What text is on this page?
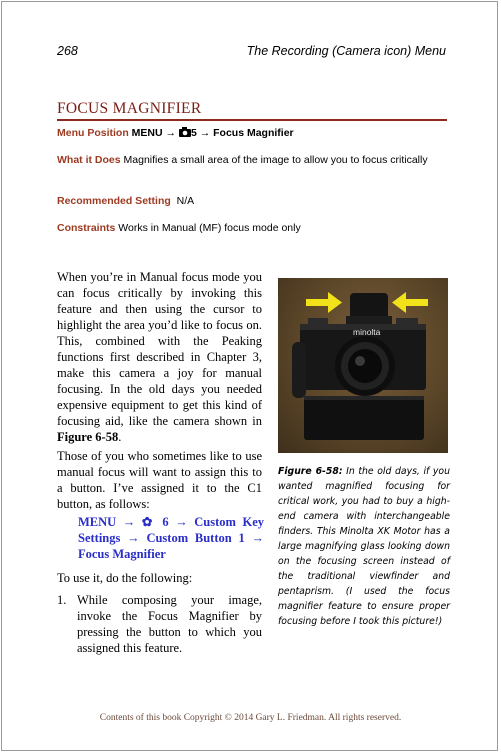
268	The Recording (Camera icon) Menu
FOCUS MAGNIFIER
Menu Position MENU → 5 → Focus Magnifier
What it Does Magnifies a small area of the image to allow you to focus critically
Recommended Setting N/A
Constraints Works in Manual (MF) focus mode only

When you’re in Manual focus mode you can focus critically by invoking this feature and then using the cursor to highlight the area you’d like to focus on. This, combined with the Peaking functions first described in Chapter 3, make this camera a joy for manual focusing. In the old days you needed expensive equipment to get this kind of focusing aid, like the camera shown in Figure 6-58.

Those of you who sometimes like to use manual focus will want to assign this to a button. I’ve assigned it to the C1 button, as follows:

MENU → ✿ 6 → Custom Key Settings → Custom Button 1 → Focus Magnifier

To use it, do the following:

1. While composing your image, invoke the Focus Magnifier by pressing the button to which you assigned this feature.
minolta
Figure 6-58: In the old days, if you wanted magnified focusing for critical work, you had to buy a high-end camera with interchangeable finders. This Minolta XK Motor has a large magnifying glass looking down on the focusing screen instead of the traditional viewfinder and pentaprism. (I used the focus magnifier feature to ensure proper focusing before I took this picture!)
Contents of this book Copyright © 2014 Gary L. Friedman. All rights reserved.
